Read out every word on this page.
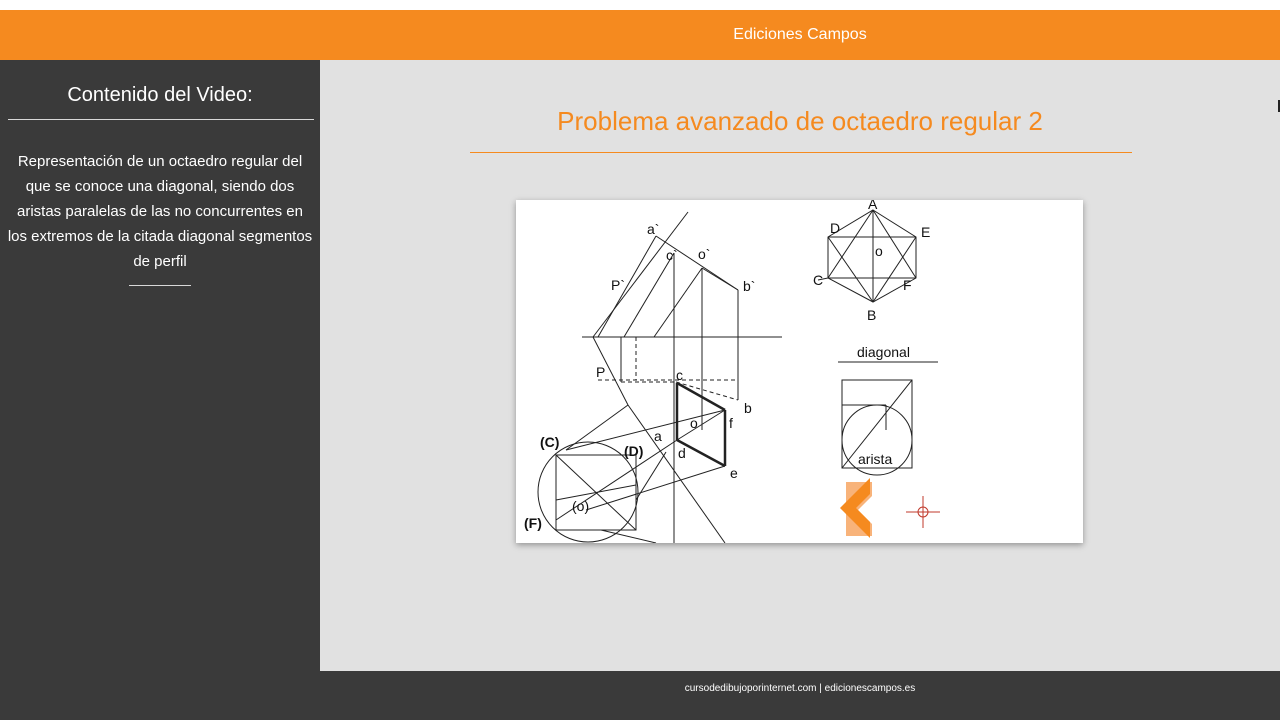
Ediciones Campos
Contenido del Video:
Representación de un octaedro regular del que se conoce una diagonal, siendo dos aristas paralelas de las no concurrentes en los extremos de la citada diagonal segmentos de perfil
Problema avanzado de octaedro regular 2
a`
c` o`
b`
P`
P	c
b
f
o
a
d
e
(C)
(D)
(F)
(o)
A
D	E
C	F
B
o
diagonal
arista
cursodedibujoporinternet.com | edicionescampos.es
